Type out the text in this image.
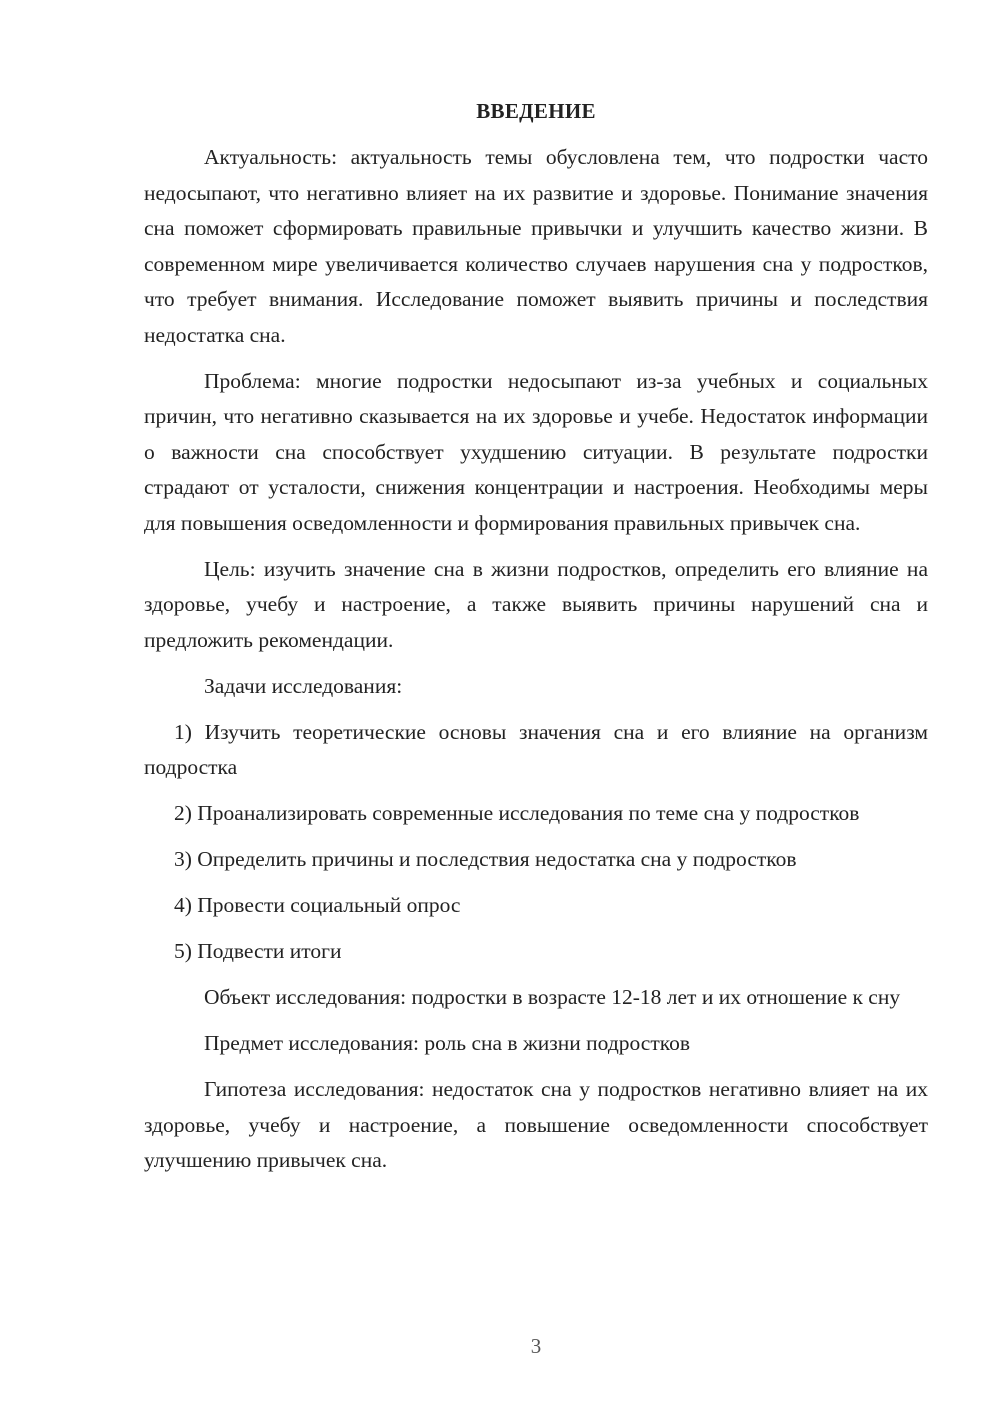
ВВЕДЕНИЕ

Актуальность: актуальность темы обусловлена тем, что подростки часто недосыпают, что негативно влияет на их развитие и здоровье. Понимание значения сна поможет сформировать правильные привычки и улучшить качество жизни. В современном мире увеличивается количество случаев нарушения сна у подростков, что требует внимания. Исследование поможет выявить причины и последствия недостатка сна.

Проблема: многие подростки недосыпают из-за учебных и социальных причин, что негативно сказывается на их здоровье и учебе. Недостаток информации о важности сна способствует ухудшению ситуации. В результате подростки страдают от усталости, снижения концентрации и настроения. Необходимы меры для повышения осведомленности и формирования правильных привычек сна.

Цель: изучить значение сна в жизни подростков, определить его влияние на здоровье, учебу и настроение, а также выявить причины нарушений сна и предложить рекомендации.

Задачи исследования:

1) Изучить теоретические основы значения сна и его влияние на организм подростка

2) Проанализировать современные исследования по теме сна у подростков

3) Определить причины и последствия недостатка сна у подростков

4) Провести социальный опрос

5) Подвести итоги

Объект исследования: подростки в возрасте 12-18 лет и их отношение к сну

Предмет исследования: роль сна в жизни подростков

Гипотеза исследования: недостаток сна у подростков негативно влияет на их здоровье, учебу и настроение, а повышение осведомленности способствует улучшению привычек сна.

3
